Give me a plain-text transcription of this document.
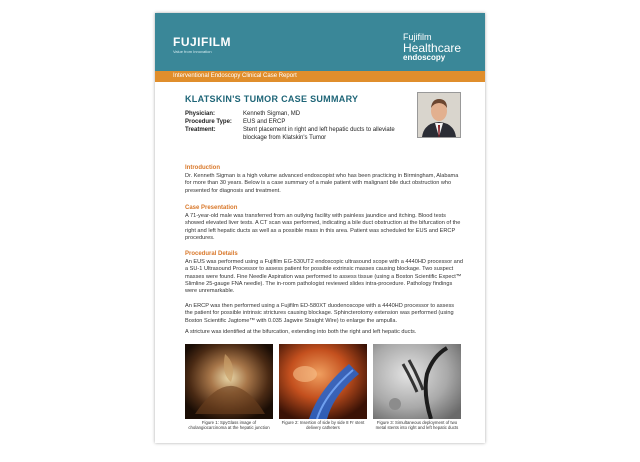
FUJIFILM
Value from Innovation
Fujifilm
Healthcare
endoscopy
Interventional Endoscopy Clinical Case Report
KLATSKIN'S TUMOR CASE SUMMARY
Physician:	Kenneth Sigman, MD
Procedure Type:	EUS and ERCP
Treatment:	Stent placement in right and left hepatic ducts to alleviate blockage from Klatskin's Tumor
Introduction
Dr. Kenneth Sigman is a high volume advanced endoscopist who has been practicing in Birmingham, Alabama for more than 30 years. Below is a case summary of a male patient with malignant bile duct obstruction who presented for diagnosis and treatment.
Case Presentation
A 71-year-old male was transferred from an outlying facility with painless jaundice and itching. Blood tests showed elevated liver tests. A CT scan was performed, indicating a bile duct obstruction at the bifurcation of the right and left hepatic ducts as well as a possible mass in this area. Patient was scheduled for EUS and ERCP procedures.
Procedural Details
An EUS was performed using a Fujifilm EG-530UT2 endoscopic ultrasound scope with a 4440HD processor and a SU-1 Ultrasound Processor to assess patient for possible extrinsic masses causing blockage. Two suspect masses were found. Fine Needle Aspiration was performed to assess tissue (using a Boston Scientific Expect™ Slimline 25-gauge FNA needle). The in-room pathologist reviewed slides intra-procedure. Pathology findings were unremarkable.
An ERCP was then performed using a Fujifilm ED-580XT duodenoscope with a 4440HD processor to assess the patient for possible intrinsic strictures causing blockage. Sphincterotomy extension was performed (using Boston Scientific Jagtome™ with 0.035 Jagwire Straight Wire) to enlarge the ampulla.
A stricture was identified at the bifurcation, extending into both the right and left hepatic ducts.
Figure 1: SpyGlass image of cholangiocarcinoma at the hepatic junction
Figure 2: Insertion of side by side 8 Fr stent delivery catheters
Figure 3: Simultaneous deployment of two metal stents into right and left hepatic ducts
